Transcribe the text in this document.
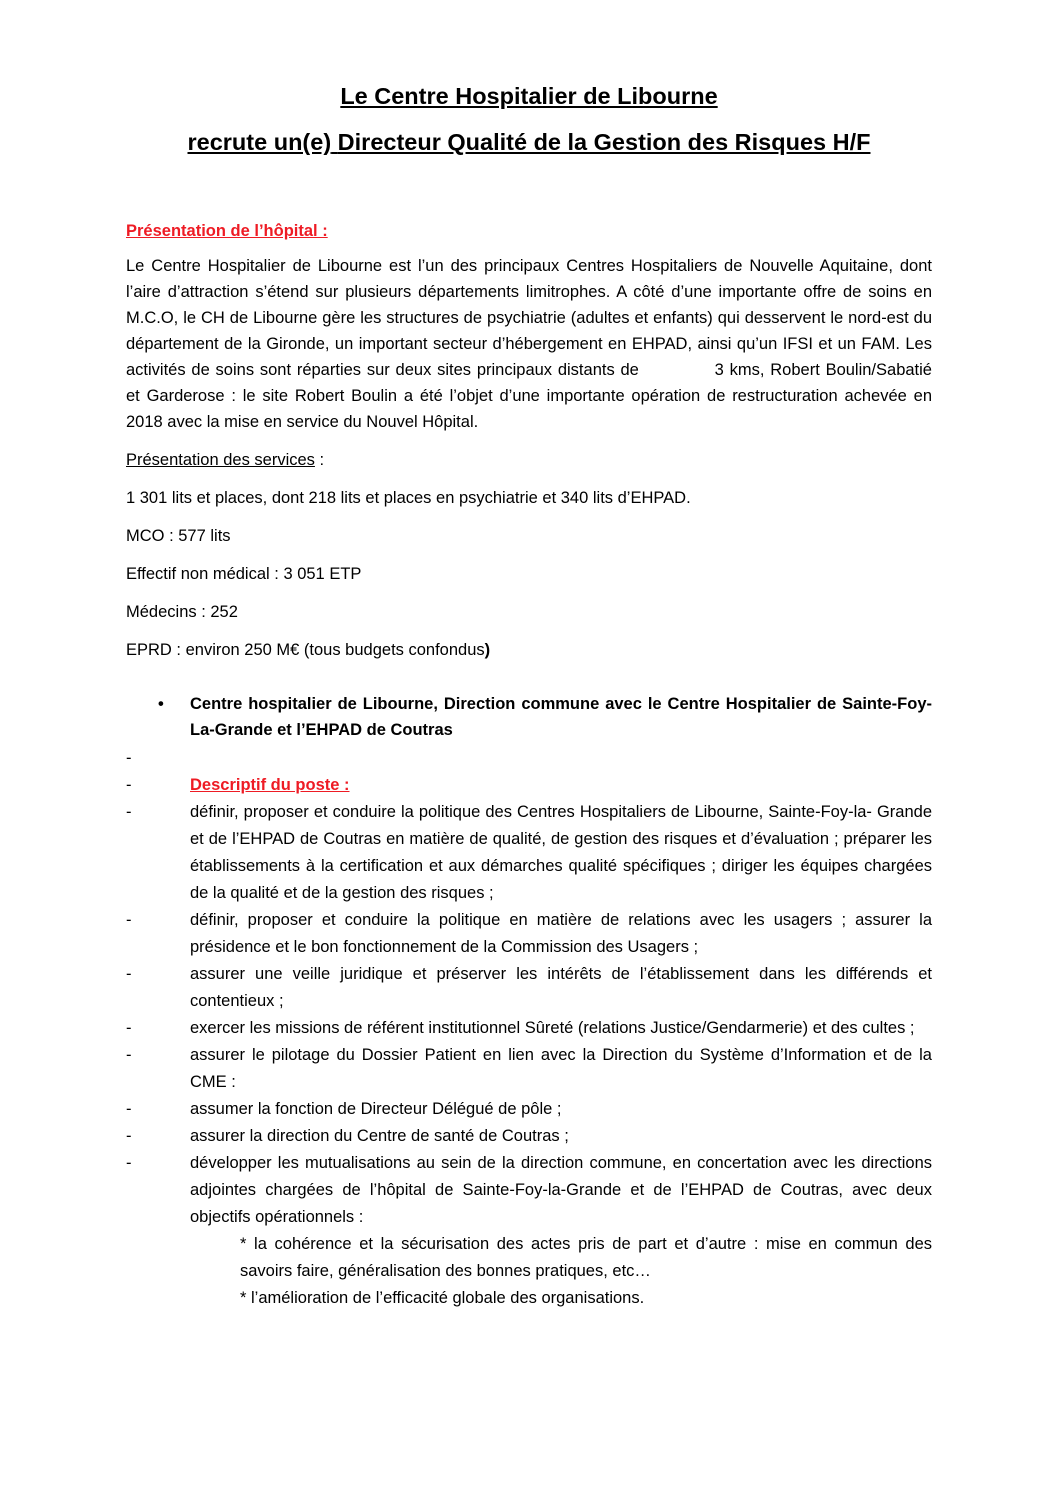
Le Centre Hospitalier de Libourne
recrute un(e) Directeur Qualité de la Gestion des Risques H/F
Présentation de l’hôpital :
Le Centre Hospitalier de Libourne est l’un des principaux Centres Hospitaliers de Nouvelle Aquitaine, dont l’aire d’attraction s’étend sur plusieurs départements limitrophes. A côté d’une importante offre de soins en M.C.O, le CH de Libourne gère les structures de psychiatrie (adultes et enfants) qui desservent le nord-est du département de la Gironde, un important secteur d’hébergement en EHPAD, ainsi qu’un IFSI et un FAM. Les activités de soins sont réparties sur deux sites principaux distants de	3 kms, Robert Boulin/Sabatié et Garderose : le site Robert Boulin a été l’objet d’une importante opération de restructuration achevée en 2018 avec la mise en service du Nouvel Hôpital.
Présentation des services :
1 301 lits et places, dont 218 lits et places en psychiatrie et 340 lits d’EHPAD.
MCO : 577 lits
Effectif non médical : 3 051 ETP
Médecins : 252
EPRD : environ 250 M€ (tous budgets confondus)
•	Centre hospitalier de Libourne, Direction commune avec le Centre Hospitalier de Sainte-Foy-La-Grande et l’EHPAD de Coutras
-
-	Descriptif du poste :
-	définir, proposer et conduire la politique des Centres Hospitaliers de Libourne, Sainte-Foy-la- Grande et de l’EHPAD de Coutras en matière de qualité, de gestion des risques et d’évaluation ; préparer les établissements à la certification et aux démarches qualité spécifiques ; diriger les équipes chargées de la qualité et de la gestion des risques ;
-	définir, proposer et conduire la politique en matière de relations avec les usagers ; assurer la présidence et le bon fonctionnement de la Commission des Usagers ;
-	assurer une veille juridique et préserver les intérêts de l’établissement dans les différends et contentieux ;
-	exercer les missions de référent institutionnel Sûreté (relations Justice/Gendarmerie) et des cultes ;
-	assurer le pilotage du Dossier Patient en lien avec la Direction du Système d’Information et de la CME :
-	assumer la fonction de Directeur Délégué de pôle ;
-	assurer la direction du Centre de santé de Coutras ;
-	développer les mutualisations au sein de la direction commune, en concertation avec les directions adjointes chargées de l’hôpital de Sainte-Foy-la-Grande et de l’EHPAD de Coutras, avec deux objectifs opérationnels :
* la cohérence et la sécurisation des actes pris de part et d’autre : mise en commun des savoirs faire, généralisation des bonnes pratiques, etc…
* l’amélioration de l’efficacité globale des organisations.
